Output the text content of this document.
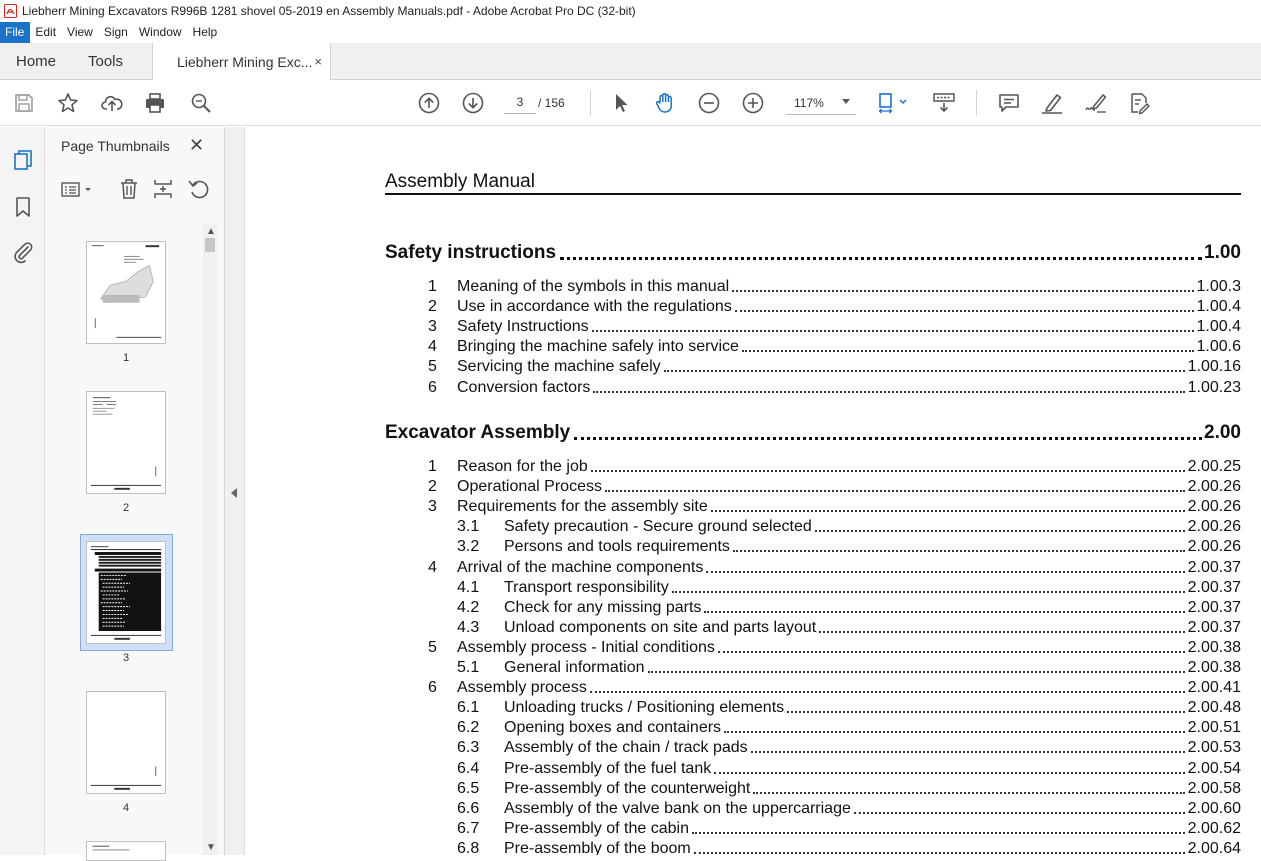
Liebherr Mining Excavators R996B 1281 shovel 05-2019 en Assembly Manuals.pdf - Adobe Acrobat Pro DC (32-bit)
File Edit View Sign Window Help
Home Tools	Liebherr Mining Exc... ×
3
/ 156	117%
Page Thumbnails ✕
1
2
3
4
▲
▼
Assembly Manual
Safety instructions	1.00
1 Meaning of the symbols in this manual	1.00.3
2 Use in accordance with the regulations	1.00.4
3 Safety Instructions	1.00.4
4 Bringing the machine safely into service	1.00.6
5 Servicing the machine safely	1.00.16
6 Conversion factors	1.00.23
Excavator Assembly	2.00
1 Reason for the job	2.00.25
2 Operational Process	2.00.26
3 Requirements for the assembly site	2.00.26
3.1 Safety precaution - Secure ground selected	2.00.26
3.2 Persons and tools requirements	2.00.26
4 Arrival of the machine components	2.00.37
4.1 Transport responsibility	2.00.37
4.2 Check for any missing parts	2.00.37
4.3 Unload components on site and parts layout	2.00.37
5 Assembly process - Initial conditions	2.00.38
5.1 General information	2.00.38
6 Assembly process	2.00.41
6.1 Unloading trucks / Positioning elements	2.00.48
6.2 Opening boxes and containers	2.00.51
6.3 Assembly of the chain / track pads	2.00.53
6.4 Pre-assembly of the fuel tank	2.00.54
6.5 Pre-assembly of the counterweight	2.00.58
6.6 Assembly of the valve bank on the uppercarriage	2.00.60
6.7 Pre-assembly of the cabin	2.00.62
6.8 Pre-assembly of the boom	2.00.64
